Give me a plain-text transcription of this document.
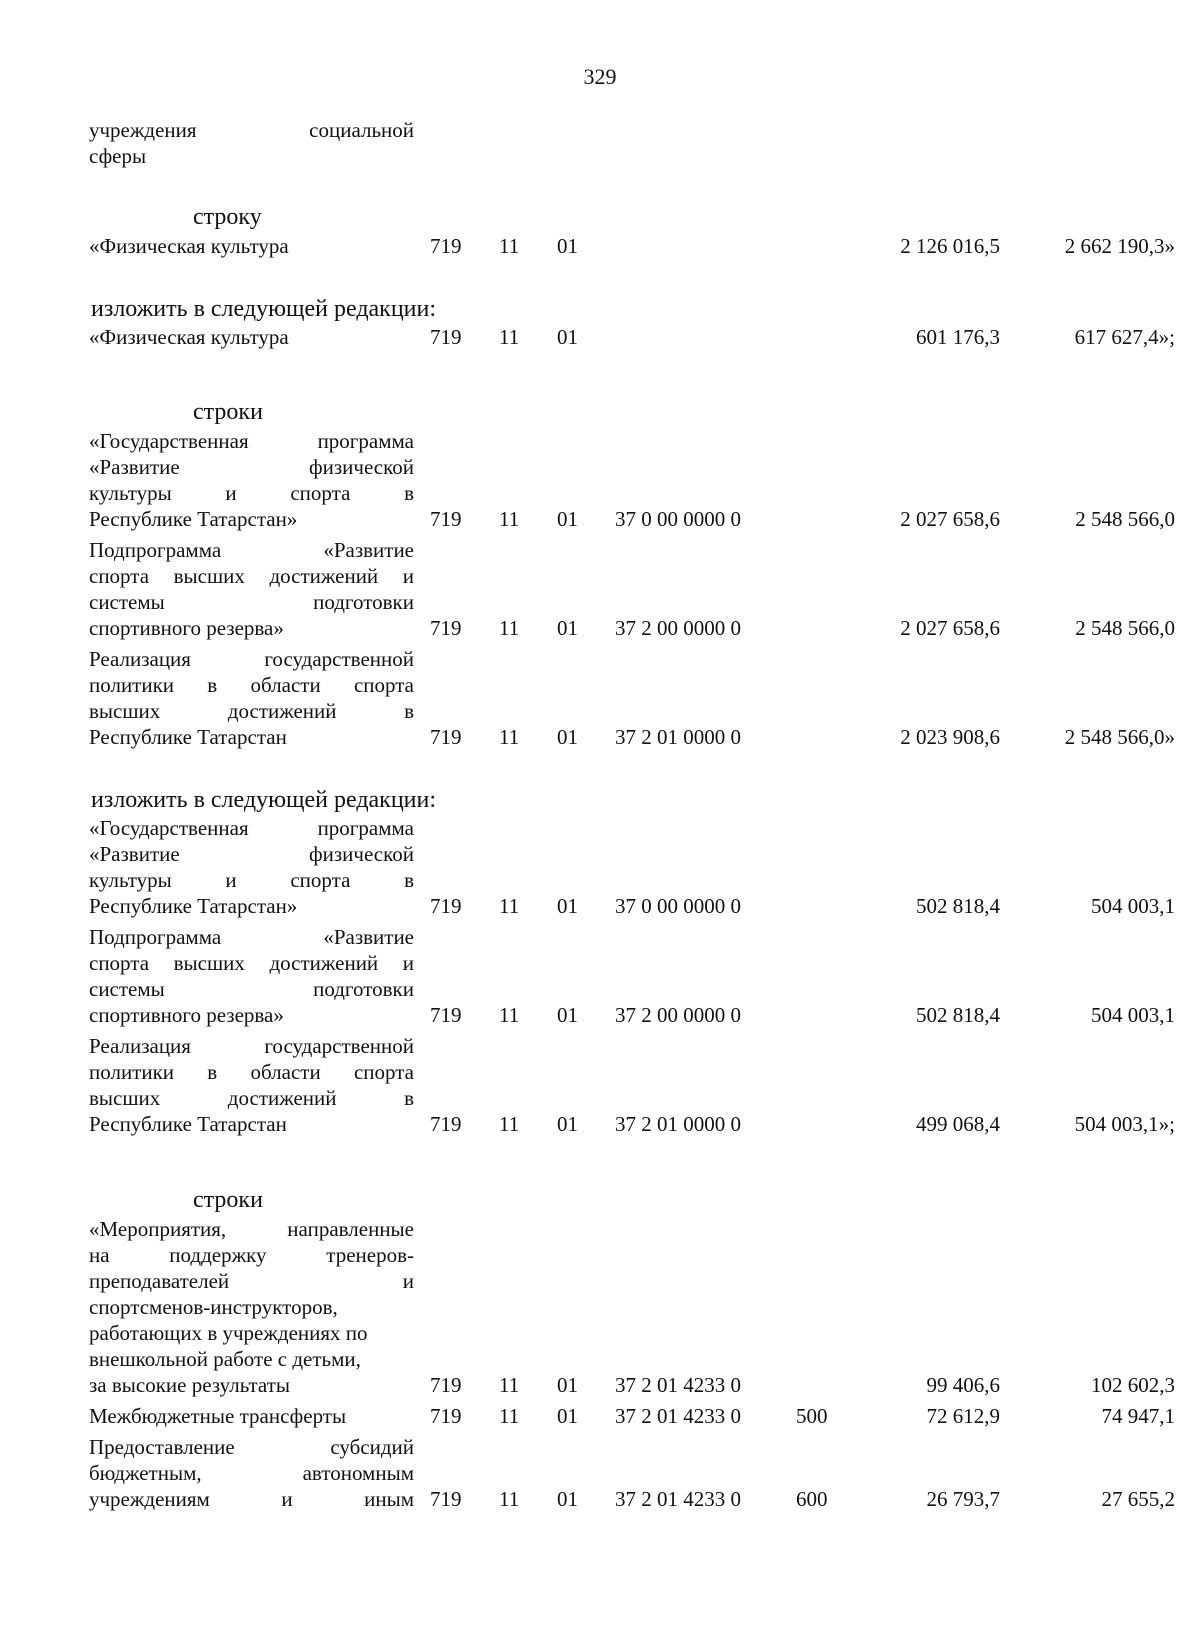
329
учреждения социальной
сферы
строку
«Физическая культура	719 11 01	2 126 016,5	2 662 190,3»
изложить в следующей редакции:
«Физическая культура	719 11 01	601 176,3	617 627,4»;
строки
«Государственная программа
«Развитие физической
культуры и спорта в
Республике Татарстан»	719 11 01 37 0 00 0000 0	2 027 658,6	2 548 566,0
Подпрограмма «Развитие
спорта высших достижений и
системы подготовки
спортивного резерва»	719 11 01 37 2 00 0000 0	2 027 658,6	2 548 566,0
Реализация государственной
политики в области спорта
высших достижений в
Республике Татарстан	719 11 01 37 2 01 0000 0	2 023 908,6	2 548 566,0»
изложить в следующей редакции:
«Государственная программа
«Развитие физической
культуры и спорта в
Республике Татарстан»	719 11 01 37 0 00 0000 0	502 818,4	504 003,1
Подпрограмма «Развитие
спорта высших достижений и
системы подготовки
спортивного резерва»	719 11 01 37 2 00 0000 0	502 818,4	504 003,1
Реализация государственной
политики в области спорта
высших достижений в
Республике Татарстан	719 11 01 37 2 01 0000 0	499 068,4	504 003,1»;
строки
«Мероприятия, направленные
на поддержку тренеров-
преподавателей и
спортсменов-инструкторов,
работающих в учреждениях по
внешкольной работе с детьми,
за высокие результаты	719 11 01 37 2 01 4233 0	99 406,6	102 602,3
Межбюджетные трансферты	719 11 01 37 2 01 4233 0	500	72 612,9	74 947,1
Предоставление субсидий
бюджетным, автономным
учреждениям и иным 719 11 01 37 2 01 4233 0	600	26 793,7	27 655,2
